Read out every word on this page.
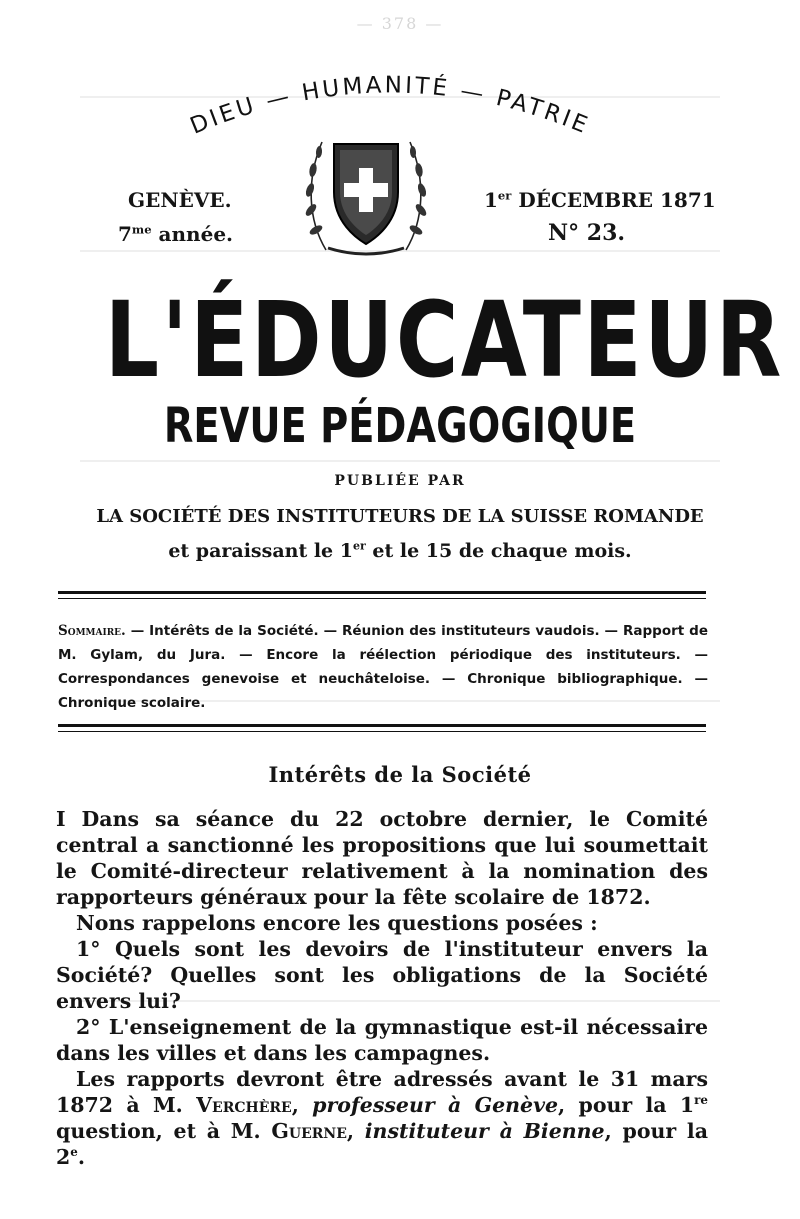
— 378 —
DIEU — HUMANITÉ — PATRIE
GENÈVE.
$7^{me}$ année.
1er DÉCEMBRE 1871
N° 23.
L'ÉDUCATEUR
REVUE PÉDAGOGIQUE
PUBLIÉE PAR
LA SOCIÉTÉ DES INSTITUTEURS DE LA SUISSE ROMANDE
et paraissant le 1er et le 15 de chaque mois.
Sommaire. — Intérêts de la Société. — Réunion des instituteurs vaudois. — Rapport de M. Gylam, du Jura. — Encore la réélection périodique des instituteurs. — Correspondances genevoise et neuchâteloise. — Chronique bibliographique. — Chronique scolaire.
Intérêts de la Société

I Dans sa séance du 22 octobre dernier, le Comité central a sanctionné les propositions que lui soumettait le Comité-directeur relativement à la nomination des rapporteurs généraux pour la fête scolaire de 1872.

Nons rappelons encore les questions posées :

1° Quels sont les devoirs de l'instituteur envers la Société? Quelles sont les obligations de la Société envers lui?

2° L'enseignement de la gymnastique est-il nécessaire dans les villes et dans les campagnes.

Les rapports devront être adressés avant le 31 mars 1872 à M. Verchère, professeur à Genève, pour la 1re question, et à M. Guerne, instituteur à Bienne, pour la 2e.
